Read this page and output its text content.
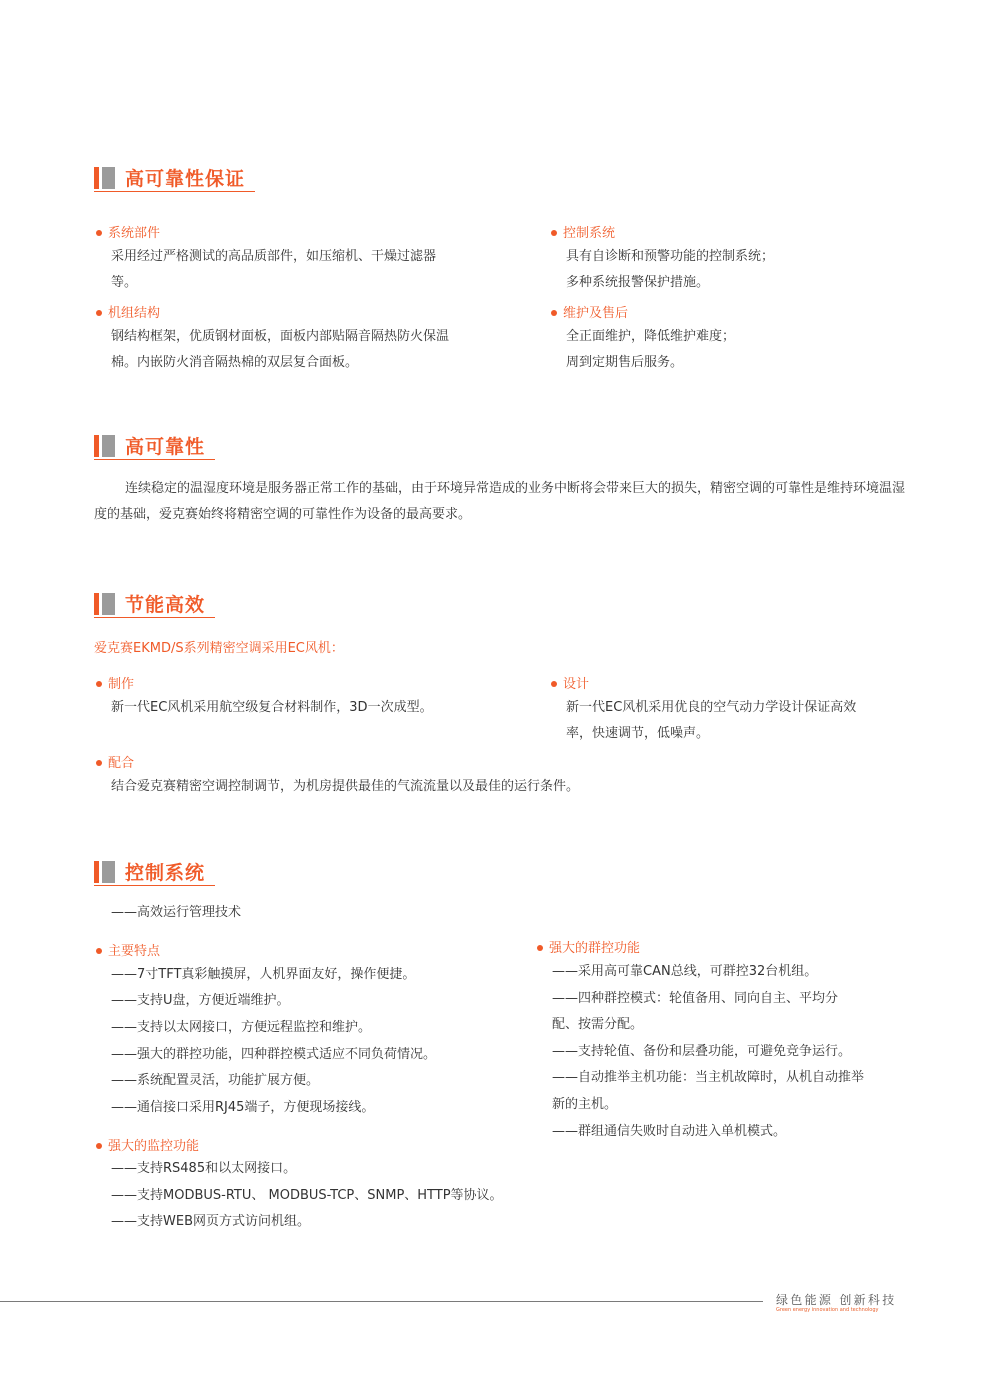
高可靠性保证
系统部件
采用经过严格测试的高品质部件，如压缩机、干燥过滤器
等。
机组结构
钢结构框架，优质钢材面板，面板内部贴隔音隔热防火保温
棉。内嵌防火消音隔热棉的双层复合面板。
控制系统
具有自诊断和预警功能的控制系统；
多种系统报警保护措施。
维护及售后
全正面维护，降低维护难度；
周到定期售后服务。
高可靠性
连续稳定的温湿度环境是服务器正常工作的基础，由于环境异常造成的业务中断将会带来巨大的损失，精密空调的可靠性是维持环境温湿度的基础，爱克赛始终将精密空调的可靠性作为设备的最高要求。
节能高效
爱克赛EKMD/S系列精密空调采用EC风机：
制作
新一代EC风机采用航空级复合材料制作，3D一次成型。
设计
新一代EC风机采用优良的空气动力学设计保证高效
率，快速调节，低噪声。
配合
结合爱克赛精密空调控制调节，为机房提供最佳的气流流量以及最佳的运行条件。
控制系统
——高效运行管理技术
主要特点
——7寸TFT真彩触摸屏，人机界面友好，操作便捷。
——支持U盘，方便近端维护。
——支持以太网接口，方便远程监控和维护。
——强大的群控功能，四种群控模式适应不同负荷情况。
——系统配置灵活，功能扩展方便。
——通信接口采用RJ45端子，方便现场接线。
强大的监控功能
——支持RS485和以太网接口。
——支持MODBUS-RTU、 MODBUS-TCP、SNMP、HTTP等协议。
——支持WEB网页方式访问机组。
强大的群控功能
——采用高可靠CAN总线，可群控32台机组。
——四种群控模式：轮值备用、同向自主、平均分
配、按需分配。
——支持轮值、备份和层叠功能，可避免竞争运行。
——自动推举主机功能：当主机故障时，从机自动推举
新的主机。
——群组通信失败时自动进入单机模式。
绿色能源 创新科技
Green energy innovation and technology
